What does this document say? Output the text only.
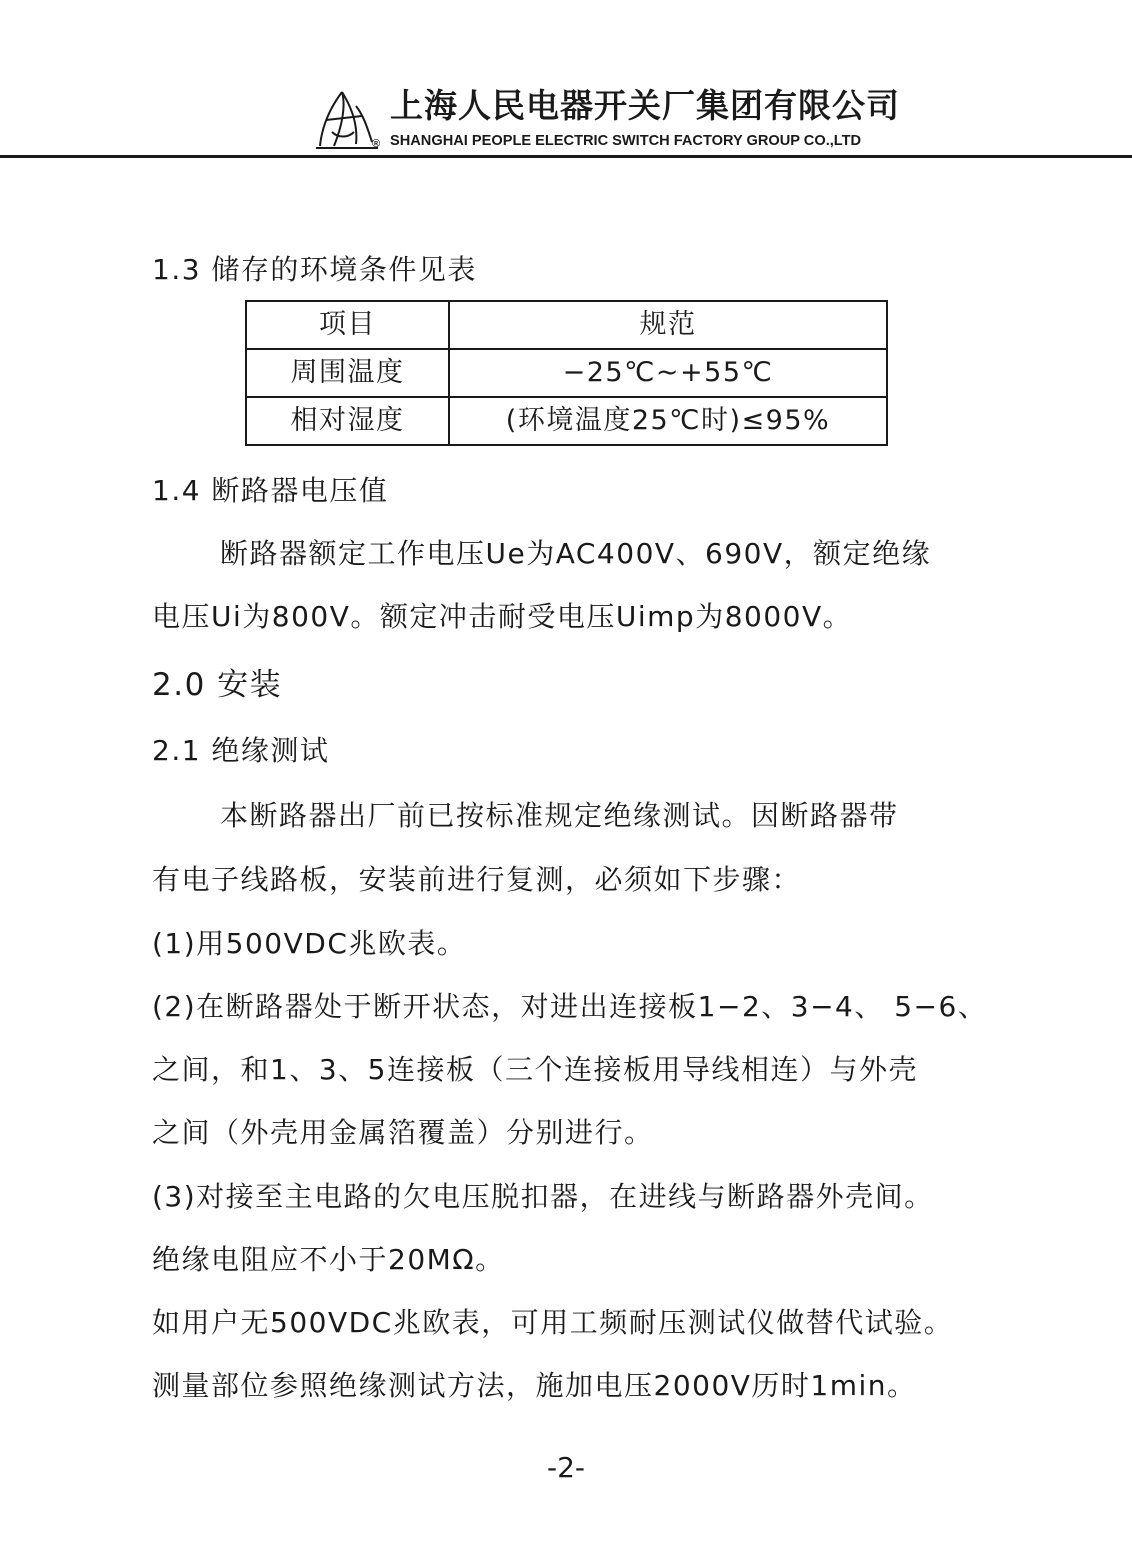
上海人民电器开关厂集团有限公司
® SHANGHAI PEOPLE ELECTRIC SWITCH FACTORY GROUP CO.,LTD
1.3 储存的环境条件见表
项目	规范
周围温度	−25℃~+55℃
相对湿度	(环境温度25℃时)≤95%
1.4 断路器电压值
断路器额定工作电压Ue为AC400V、690V，额定绝缘
电压Ui为800V。额定冲击耐受电压Uimp为8000V。
2.0 安装
2.1 绝缘测试
本断路器出厂前已按标准规定绝缘测试。因断路器带
有电子线路板，安装前进行复测，必须如下步骤：
(1)用500VDC兆欧表。
(2)在断路器处于断开状态，对进出连接板1−2、3−4、 5−6、
之间，和1、3、5连接板（三个连接板用导线相连）与外壳
之间（外壳用金属箔覆盖）分别进行。
(3)对接至主电路的欠电压脱扣器，在进线与断路器外壳间。
绝缘电阻应不小于20MΩ。
如用户无500VDC兆欧表，可用工频耐压测试仪做替代试验。
测量部位参照绝缘测试方法，施加电压2000V历时1min。
-2-
